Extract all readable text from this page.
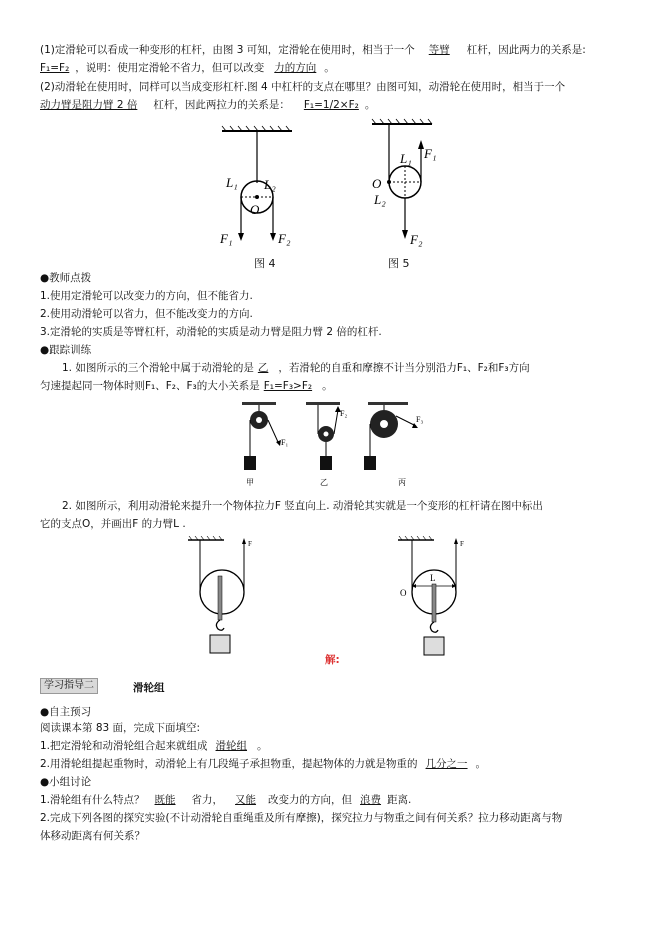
(1)定滑轮可以看成一种变形的杠杆，由图 3 可知，定滑轮在使用时，相当于一个 等臂 杠杆，因此两力的关系是:
F₁=F₂ ，说明：使用定滑轮不省力，但可以改变 力的方向 。
(2)动滑轮在使用时，同样可以当成变形杠杆.图 4 中杠杆的支点在哪里？由图可知，动滑轮在使用时，相当于一个
动力臂是阻力臂 2 倍 杠杆，因此两拉力的关系是： F₁=1/2×F₂ 。
L₁ L₂
O
F₁	F₂
图 4
L₁ F₁
O
L₂
F₂
图 5
●教师点拨
1.使用定滑轮可以改变力的方向，但不能省力.
2.使用动滑轮可以省力，但不能改变力的方向.
3.定滑轮的实质是等臂杠杆，动滑轮的实质是动力臂是阻力臂 2 倍的杠杆.
●跟踪训练
1. 如图所示的三个滑轮中属于动滑轮的是 乙 ，若滑轮的自重和摩擦不计当分别沿力F₁、F₂和F₃方向
匀速提起同一物体时则F₁、F₂、F₃的大小关系是 F₁=F₃>F₂ 。
F₁
甲
F₂
乙
F₃
丙
2. 如图所示，利用动滑轮来提升一个物体拉力F 竖直向上. 动滑轮其实就是一个变形的杠杆请在图中标出
它的支点O，并画出F 的力臂L .
F	F
L
O
解:
学习指导二	滑轮组
●自主预习
阅读课本第 83 面，完成下面填空:
1.把定滑轮和动滑轮组合起来就组成 滑轮组 。
2.用滑轮组提起重物时，动滑轮上有几段绳子承担物重，提起物体的力就是物重的 几分之一 。
●小组讨论
1.滑轮组有什么特点？ 既能 省力， 又能 改变力的方向，但 浪费 距离.
2.完成下列各图的探究实验(不计动滑轮自重绳重及所有摩擦)，探究拉力与物重之间有何关系？拉力移动距离与物
体移动距离有何关系？
